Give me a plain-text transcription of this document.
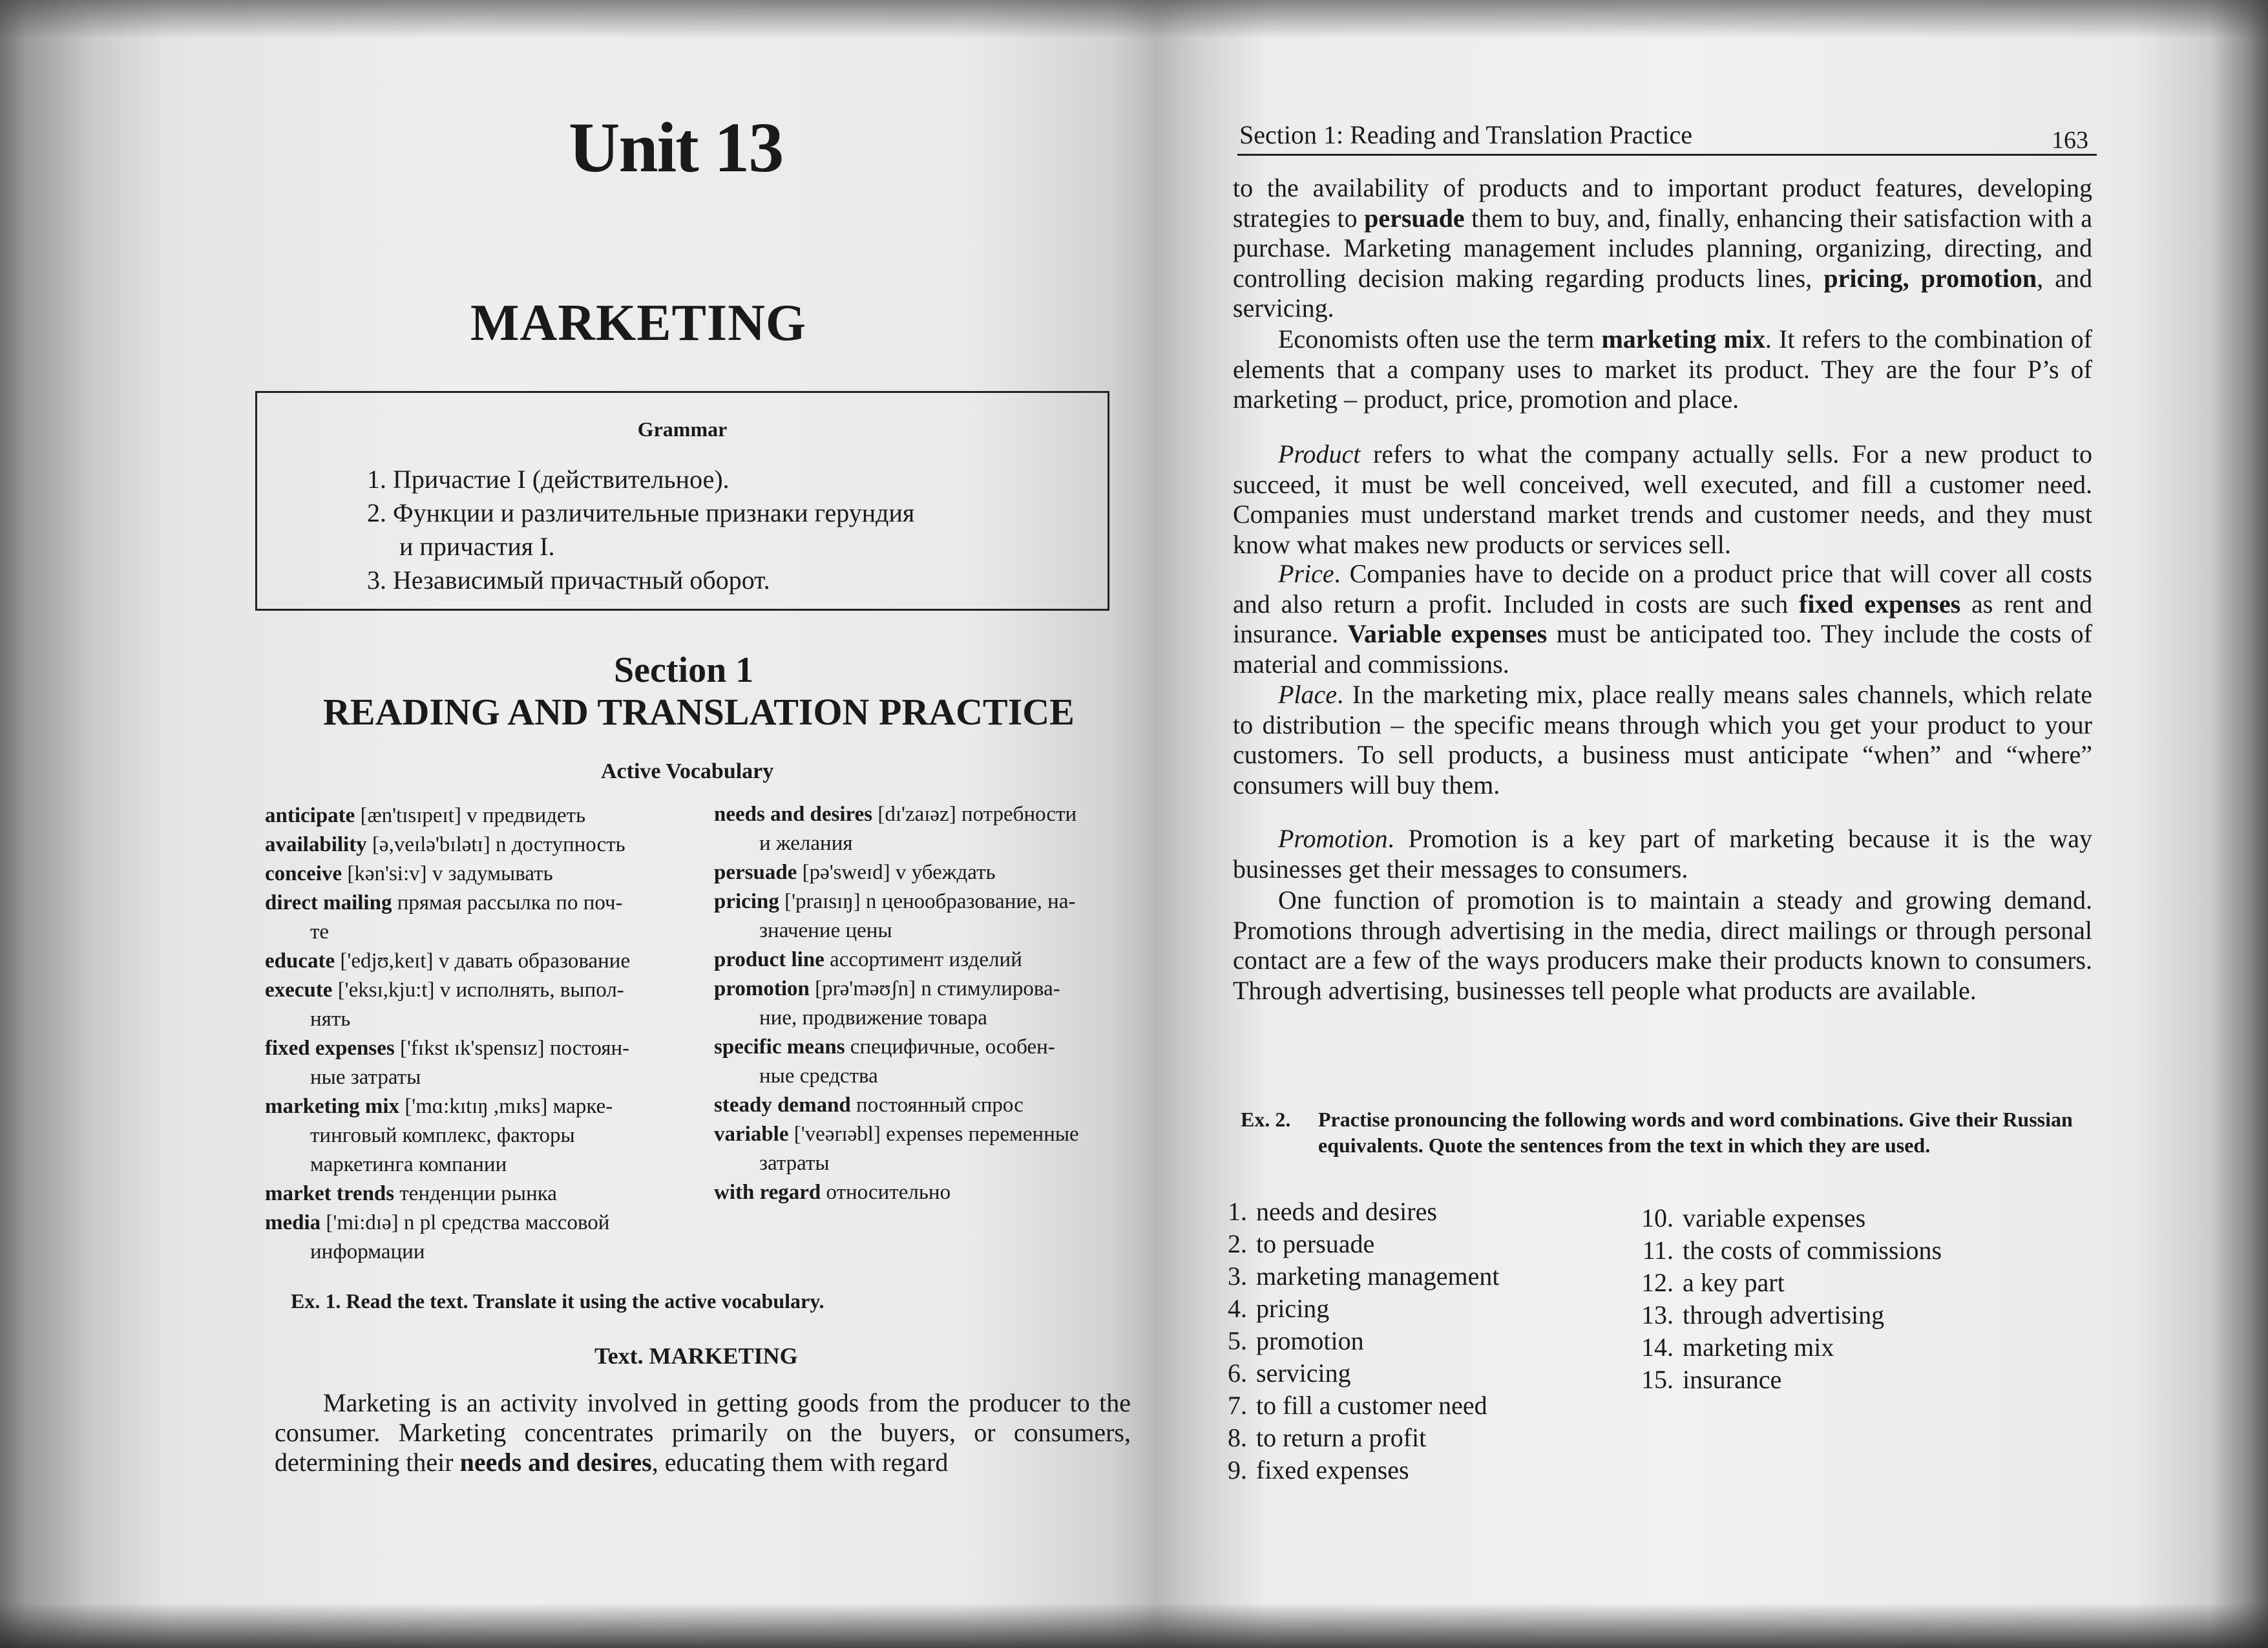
Unit 13
MARKETING
Grammar
1. Причастие I (действительное).
2. Функции и различительные признаки герундия
и причастия I.
3. Независимый причастный оборот.
Section 1
READING AND TRANSLATION PRACTICE
Active Vocabulary
anticipate [æn'tɪsɪpeɪt] v предвидеть
availability [ə,veɪlə'bɪlətɪ] n доступность
conceive [kən'si:v] v задумывать
direct mailing прямая рассылка по поч-
те
educate ['edjʊ,keɪt] v давать образование
execute ['eksɪ,kju:t] v исполнять, выпол-
нять
fixed expenses ['fɪkst ɪk'spensɪz] постоян-
ные затраты
marketing mix ['mɑ:kɪtɪŋ ,mɪks] марке-
тинговый комплекс, факторы
маркетинга компании
market trends тенденции рынка
media ['mi:dɪə] n pl средства массовой
информации
needs and desires [dɪ'zaɪəz] потребности
и желания
persuade [pə'sweɪd] v убеждать
pricing ['praɪsɪŋ] n ценообразование, на-
значение цены
product line ассортимент изделий
promotion [prə'məʊʃn] n стимулирова-
ние, продвижение товара
specific means специфичные, особен-
ные средства
steady demand постоянный спрос
variable ['veərɪəbl] expenses переменные
затраты
with regard относительно
Ex. 1. Read the text. Translate it using the active vocabulary.
Text. MARKETING
Marketing is an activity involved in getting goods from the producer to the consumer. Marketing concentrates primarily on the buyers, or consumers, determining their needs and desires, educating them with regard
Section 1: Reading and Translation Practice	163
to the availability of products and to important product features, developing strategies to persuade them to buy, and, finally, enhancing their satisfaction with a purchase. Marketing management includes planning, organizing, directing, and controlling decision making regarding products lines, pricing, promotion, and servicing.
Economists often use the term marketing mix. It refers to the combination of elements that a company uses to market its product. They are the four P’s of marketing – product, price, promotion and place.
Product refers to what the company actually sells. For a new product to succeed, it must be well conceived, well executed, and fill a customer need. Companies must understand market trends and customer needs, and they must know what makes new products or services sell.
Price. Companies have to decide on a product price that will cover all costs and also return a profit. Included in costs are such fixed expenses as rent and insurance. Variable expenses must be anticipated too. They include the costs of material and commissions.
Place. In the marketing mix, place really means sales channels, which relate to distribution – the specific means through which you get your product to your customers. To sell products, a business must anticipate “when” and “where” consumers will buy them.
Promotion. Promotion is a key part of marketing because it is the way businesses get their messages to consumers.
One function of promotion is to maintain a steady and growing demand. Promotions through advertising in the media, direct mailings or through personal contact are a few of the ways producers make their products known to consumers. Through advertising, businesses tell people what products are available.
Ex. 2. Practise pronouncing the following words and word combinations. Give their Russian equivalents. Quote the sentences from the text in which they are used.
1. needs and desires
2. to persuade
3. marketing management
4. pricing
5. promotion
6. servicing
7. to fill a customer need
8. to return a profit
9. fixed expenses
10. variable expenses
11. the costs of commissions
12. a key part
13. through advertising
14. marketing mix
15. insurance
